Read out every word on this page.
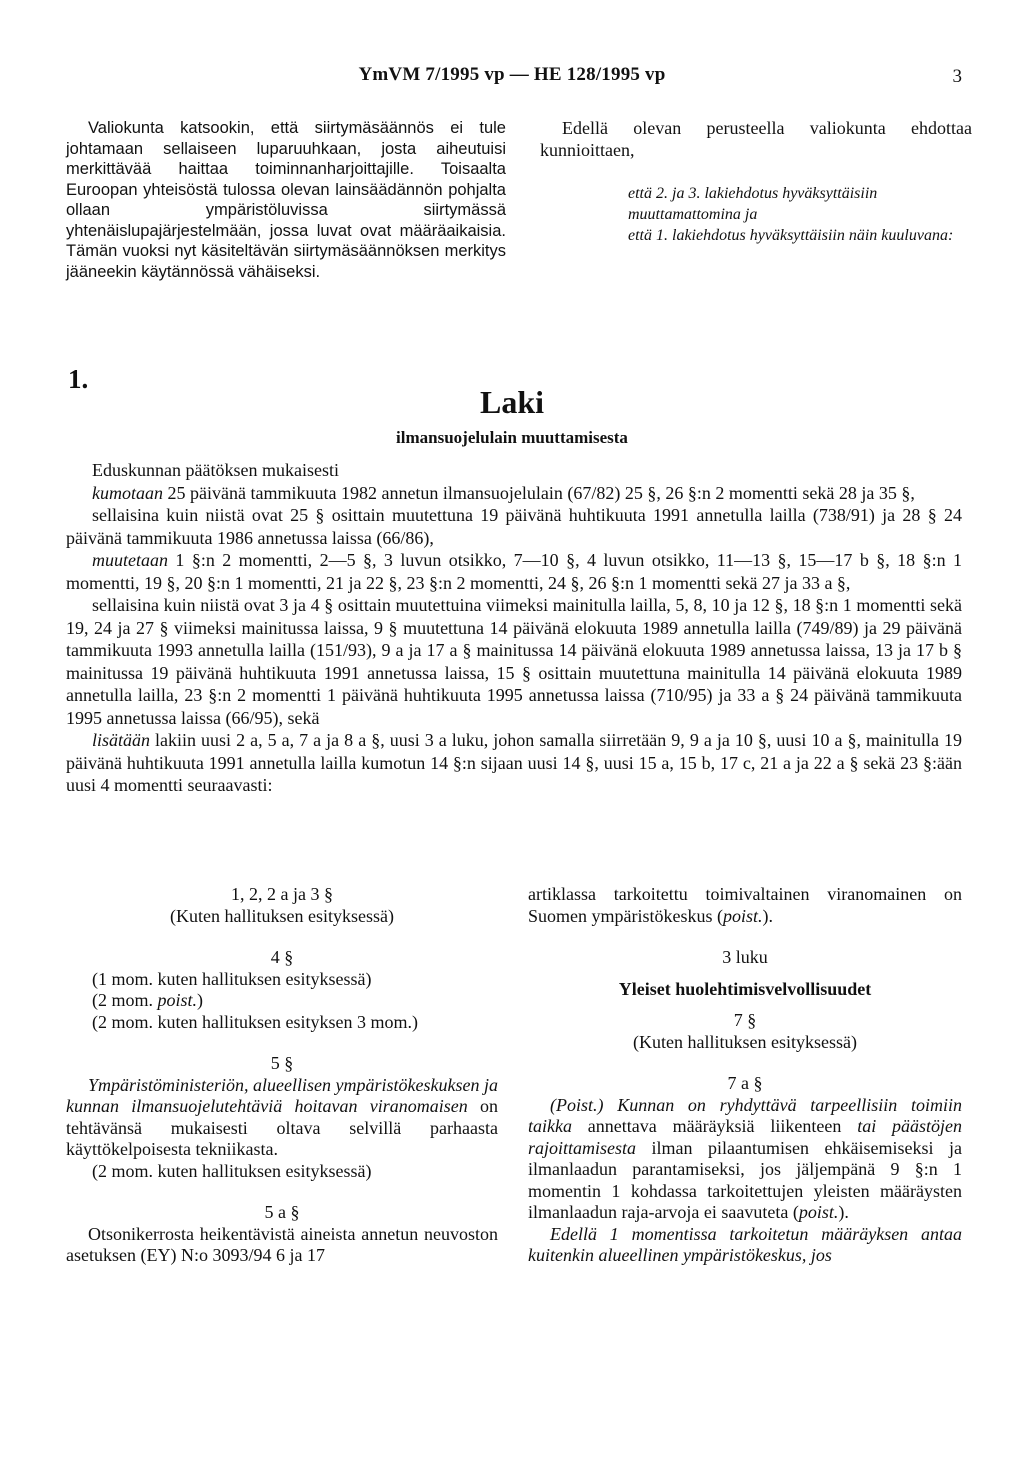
YmVM 7/1995 vp — HE 128/1995 vp	3

Valiokunta katsookin, että siirtymäsäännös ei tule johtamaan sellaiseen luparuuhkaan, josta aiheutuisi merkittävää haittaa toiminnanharjoittajille. Toisaalta Euroopan yhteisöstä tulossa olevan lainsäädännön pohjalta ollaan ympäristöluvissa siirtymässä yhtenäislupajärjestelmään, jossa luvat ovat määräaikaisia. Tämän vuoksi nyt käsiteltävän siirtymäsäännöksen merkitys jääneekin käytännössä vähäiseksi.

Edellä olevan perusteella valiokunta ehdottaa kunnioittaen,

että 2. ja 3. lakiehdotus hyväksyttäisiin muuttamattomina ja
että 1. lakiehdotus hyväksyttäisiin näin kuuluvana:
1.
Laki
ilmansuojelulain muuttamisesta

Eduskunnan päätöksen mukaisesti

kumotaan 25 päivänä tammikuuta 1982 annetun ilmansuojelulain (67/82) 25 §, 26 §:n 2 momentti sekä 28 ja 35 §,

sellaisina kuin niistä ovat 25 § osittain muutettuna 19 päivänä huhtikuuta 1991 annetulla lailla (738/91) ja 28 § 24 päivänä tammikuuta 1986 annetussa laissa (66/86),

muutetaan 1 §:n 2 momentti, 2—5 §, 3 luvun otsikko, 7—10 §, 4 luvun otsikko, 11—13 §, 15—17 b §, 18 §:n 1 momentti, 19 §, 20 §:n 1 momentti, 21 ja 22 §, 23 §:n 2 momentti, 24 §, 26 §:n 1 momentti sekä 27 ja 33 a §,

sellaisina kuin niistä ovat 3 ja 4 § osittain muutettuina viimeksi mainitulla lailla, 5, 8, 10 ja 12 §, 18 §:n 1 momentti sekä 19, 24 ja 27 § viimeksi mainitussa laissa, 9 § muutettuna 14 päivänä elokuuta 1989 annetulla lailla (749/89) ja 29 päivänä tammikuuta 1993 annetulla lailla (151/93), 9 a ja 17 a § mainitussa 14 päivänä elokuuta 1989 annetussa laissa, 13 ja 17 b § mainitussa 19 päivänä huhtikuuta 1991 annetussa laissa, 15 § osittain muutettuna mainitulla 14 päivänä elokuuta 1989 annetulla lailla, 23 §:n 2 momentti 1 päivänä huhtikuuta 1995 annetussa laissa (710/95) ja 33 a § 24 päivänä tammikuuta 1995 annetussa laissa (66/95), sekä

lisätään lakiin uusi 2 a, 5 a, 7 a ja 8 a §, uusi 3 a luku, johon samalla siirretään 9, 9 a ja 10 §, uusi 10 a §, mainitulla 19 päivänä huhtikuuta 1991 annetulla lailla kumotun 14 §:n sijaan uusi 14 §, uusi 15 a, 15 b, 17 c, 21 a ja 22 a § sekä 23 §:ään uusi 4 momentti seuraavasti:

1, 2, 2 a ja 3 §

(Kuten hallituksen esityksessä)

4 §

(1 mom. kuten hallituksen esityksessä)

(2 mom. poist.)

(2 mom. kuten hallituksen esityksen 3 mom.)

5 §

Ympäristöministeriön, alueellisen ympäristökeskuksen ja kunnan ilmansuojelutehtäviä hoitavan viranomaisen on tehtävänsä mukaisesti oltava selvillä parhaasta käyttökelpoisesta tekniikasta.

(2 mom. kuten hallituksen esityksessä)

5 a §

Otsonikerrosta heikentävistä aineista annetun neuvoston asetuksen (EY) N:o 3093/94 6 ja 17

artiklassa tarkoitettu toimivaltainen viranomainen on Suomen ympäristökeskus (poist.).

3 luku

Yleiset huolehtimisvelvollisuudet

7 §

(Kuten hallituksen esityksessä)

7 a §

(Poist.) Kunnan on ryhdyttävä tarpeellisiin toimiin taikka annettava määräyksiä liikenteen tai päästöjen rajoittamisesta ilman pilaantumisen ehkäisemiseksi ja ilmanlaadun parantamiseksi, jos jäljempänä 9 §:n 1 momentin 1 kohdassa tarkoitettujen yleisten määräysten ilmanlaadun raja-arvoja ei saavuteta (poist.).

Edellä 1 momentissa tarkoitetun määräyksen antaa kuitenkin alueellinen ympäristökeskus, jos
